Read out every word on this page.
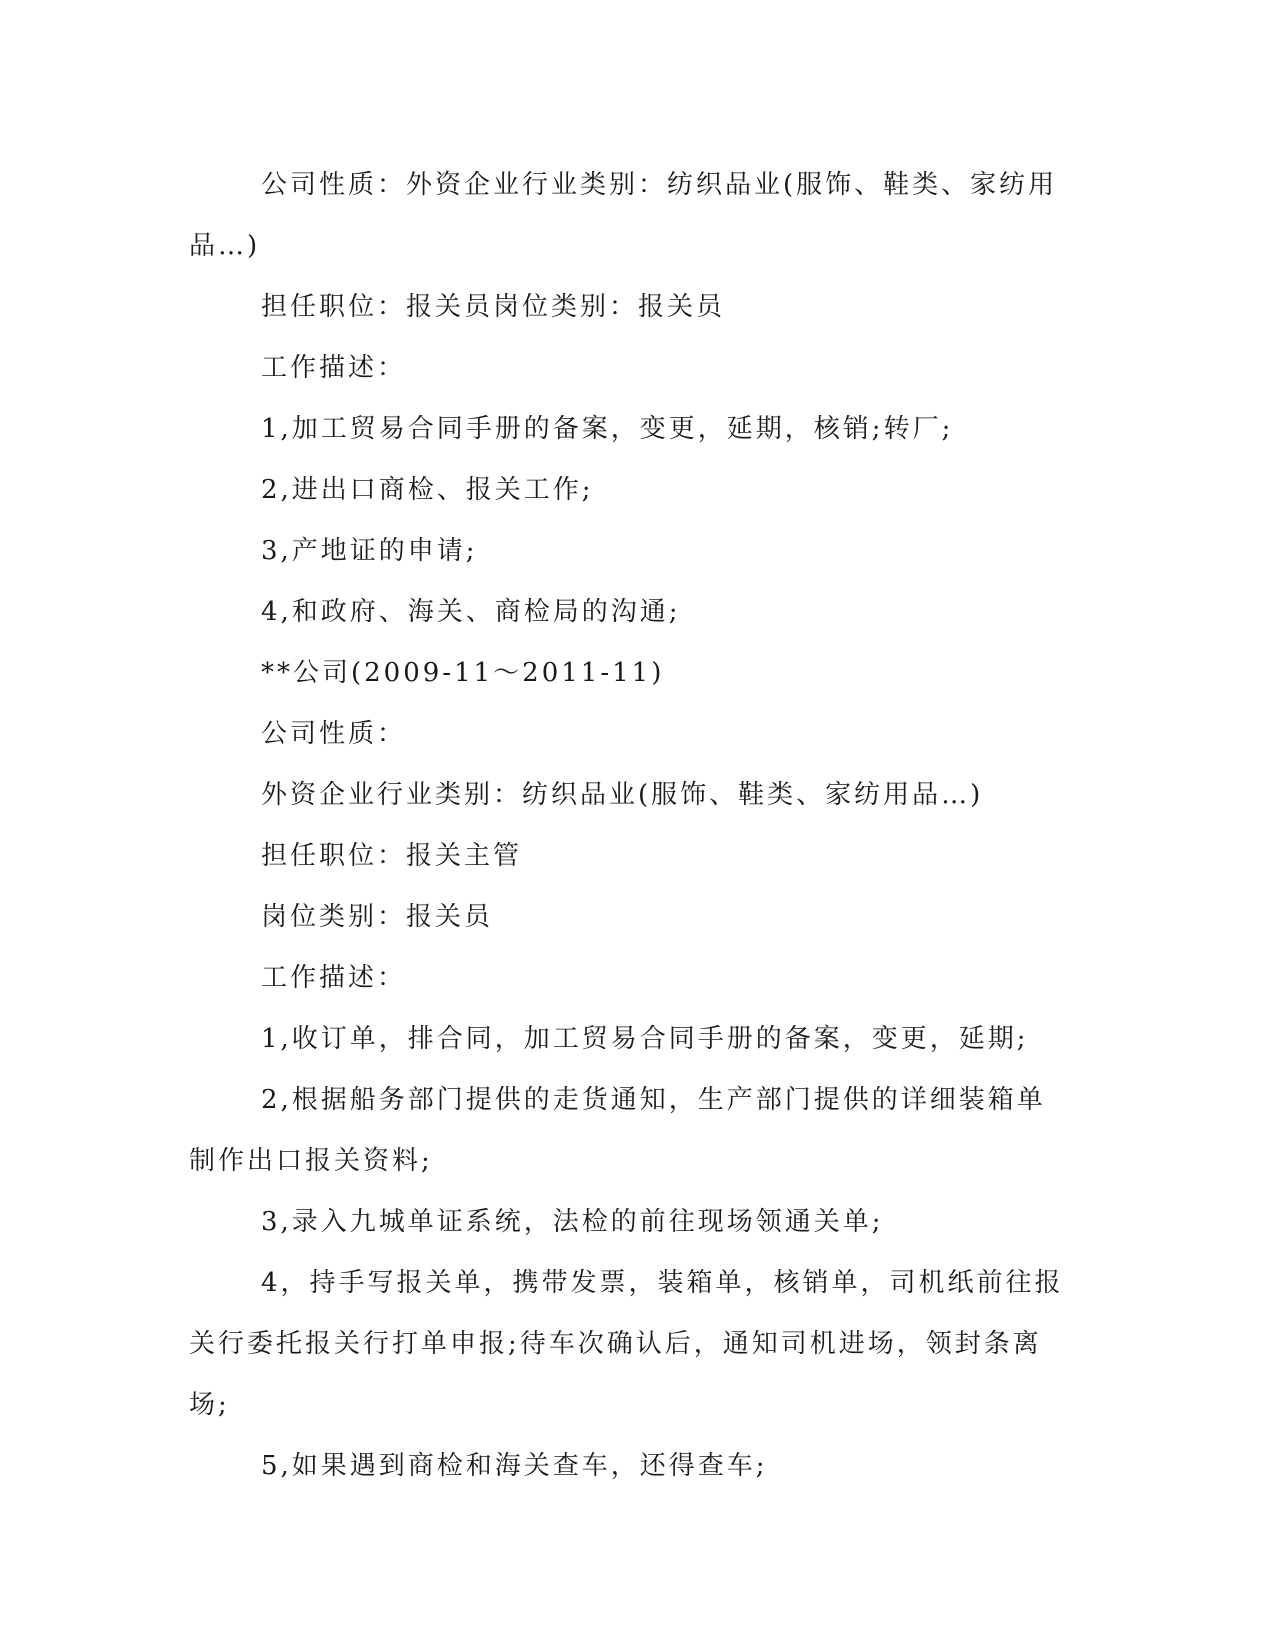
公司性质：外资企业行业类别：纺织品业(服饰、鞋类、家纺用品…)

担任职位：报关员岗位类别：报关员

工作描述：

1,加工贸易合同手册的备案，变更，延期，核销;转厂;

2,进出口商检、报关工作;

3,产地证的申请;

4,和政府、海关、商检局的沟通;

**公司(2009-11～2011-11)

公司性质：

外资企业行业类别：纺织品业(服饰、鞋类、家纺用品…)

担任职位：报关主管

岗位类别：报关员

工作描述：

1,收订单，排合同，加工贸易合同手册的备案，变更，延期;

2,根据船务部门提供的走货通知，生产部门提供的详细装箱单制作出口报关资料;

3,录入九城单证系统，法检的前往现场领通关单;

4，持手写报关单，携带发票，装箱单，核销单，司机纸前往报关行委托报关行打单申报;待车次确认后，通知司机进场，领封条离场;

5,如果遇到商检和海关查车，还得查车;
